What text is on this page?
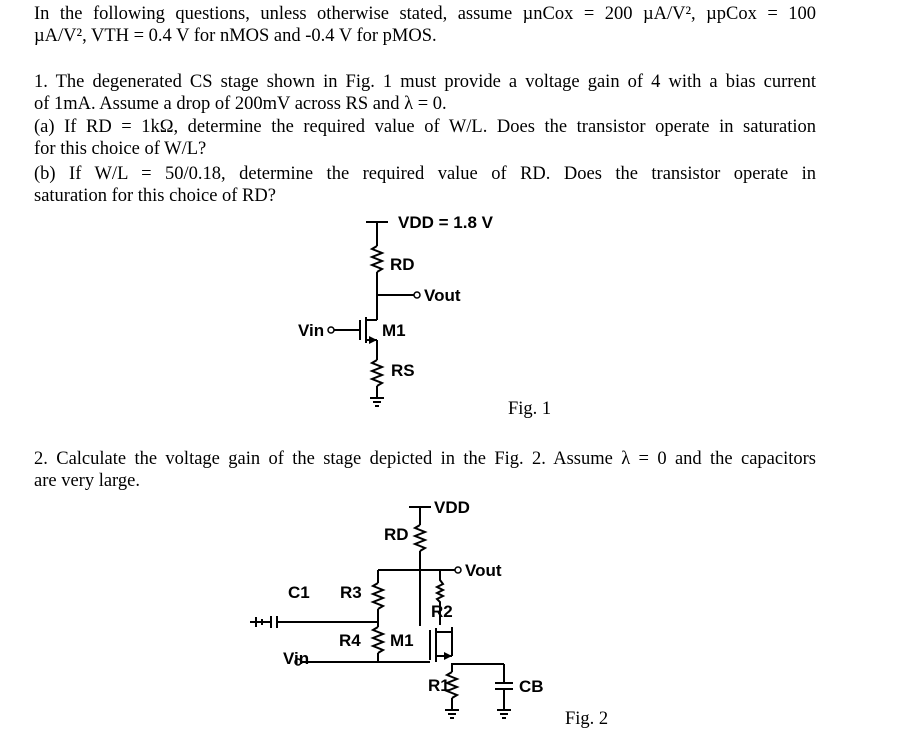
In the following questions, unless otherwise stated, assume µnCox = 200 µA/V², µpCox = 100
µA/V², VTH = 0.4 V for nMOS and -0.4 V for pMOS.
1. The degenerated CS stage shown in Fig. 1 must provide a voltage gain of 4 with a bias current
of 1mA. Assume a drop of 200mV across RS and λ = 0.
(a) If RD = 1kΩ, determine the required value of W/L. Does the transistor operate in saturation
for this choice of W/L?
(b) If W/L = 50/0.18, determine the required value of RD. Does the transistor operate in
saturation for this choice of RD?
Fig. 1
2. Calculate the voltage gain of the stage depicted in the Fig. 2. Assume λ = 0 and the capacitors
are very large.
Fig. 2
VDD = 1.8 V
RD
Vout
Vin	M1
RS
VDD
RD
Vout
C1 R3
R2
R4 M1
Vin
R1	CB
